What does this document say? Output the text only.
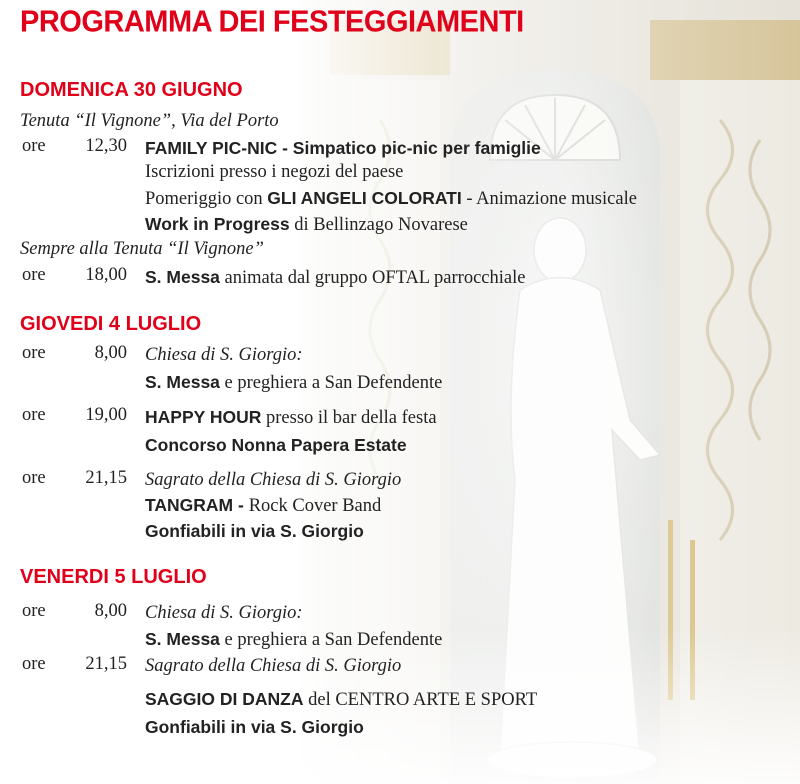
PROGRAMMA DEI FESTEGGIAMENTI
DOMENICA 30 GIUGNO
Tenuta “Il Vignone”, Via del Porto
ore	12,30 FAMILY PIC-NIC - Simpatico pic-nic per famiglie
Iscrizioni presso i negozi del paese
Pomeriggio con GLI ANGELI COLORATI - Animazione musicale
Work in Progress di Bellinzago Novarese
Sempre alla Tenuta “Il Vignone”
ore	18,00 S. Messa animata dal gruppo OFTAL parrocchiale
GIOVEDI 4 LUGLIO
ore	8,00 Chiesa di S. Giorgio:
S. Messa e preghiera a San Defendente
ore	19,00 HAPPY HOUR presso il bar della festa
Concorso Nonna Papera Estate
ore	21,15 Sagrato della Chiesa di S. Giorgio
TANGRAM - Rock Cover Band
Gonfiabili in via S. Giorgio
VENERDI 5 LUGLIO
ore	8,00 Chiesa di S. Giorgio:
S. Messa e preghiera a San Defendente
ore	21,15 Sagrato della Chiesa di S. Giorgio
SAGGIO DI DANZA del CENTRO ARTE E SPORT
Gonfiabili in via S. Giorgio
